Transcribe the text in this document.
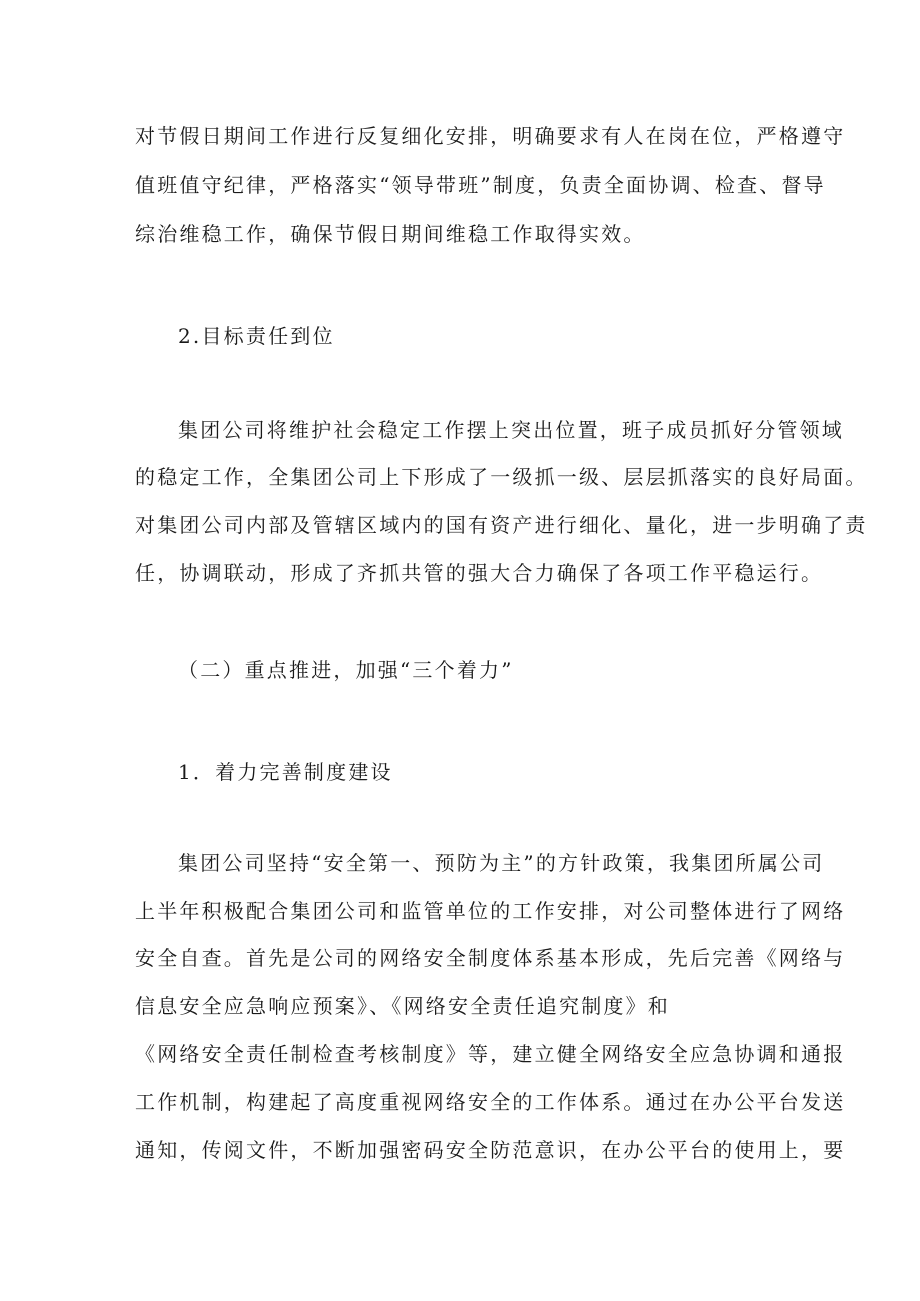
对节假日期间工作进行反复细化安排，明确要求有人在岗在位，严格遵守
值班值守纪律，严格落实“领导带班”制度，负责全面协调、检查、督导
综治维稳工作，确保节假日期间维稳工作取得实效。
2.目标责任到位
集团公司将维护社会稳定工作摆上突出位置，班子成员抓好分管领域
的稳定工作，全集团公司上下形成了一级抓一级、层层抓落实的良好局面。
对集团公司内部及管辖区域内的国有资产进行细化、量化，进一步明确了责
任，协调联动，形成了齐抓共管的强大合力确保了各项工作平稳运行。
（二）重点推进，加强“三个着力”
1．着力完善制度建设
集团公司坚持“安全第一、预防为主”的方针政策，我集团所属公司
上半年积极配合集团公司和监管单位的工作安排，对公司整体进行了网络
安全自查。首先是公司的网络安全制度体系基本形成，先后完善《网络与
信息安全应急响应预案》、《网络安全责任追究制度》和
《网络安全责任制检查考核制度》等，建立健全网络安全应急协调和通报
工作机制，构建起了高度重视网络安全的工作体系。通过在办公平台发送
通知，传阅文件，不断加强密码安全防范意识，在办公平台的使用上，要
